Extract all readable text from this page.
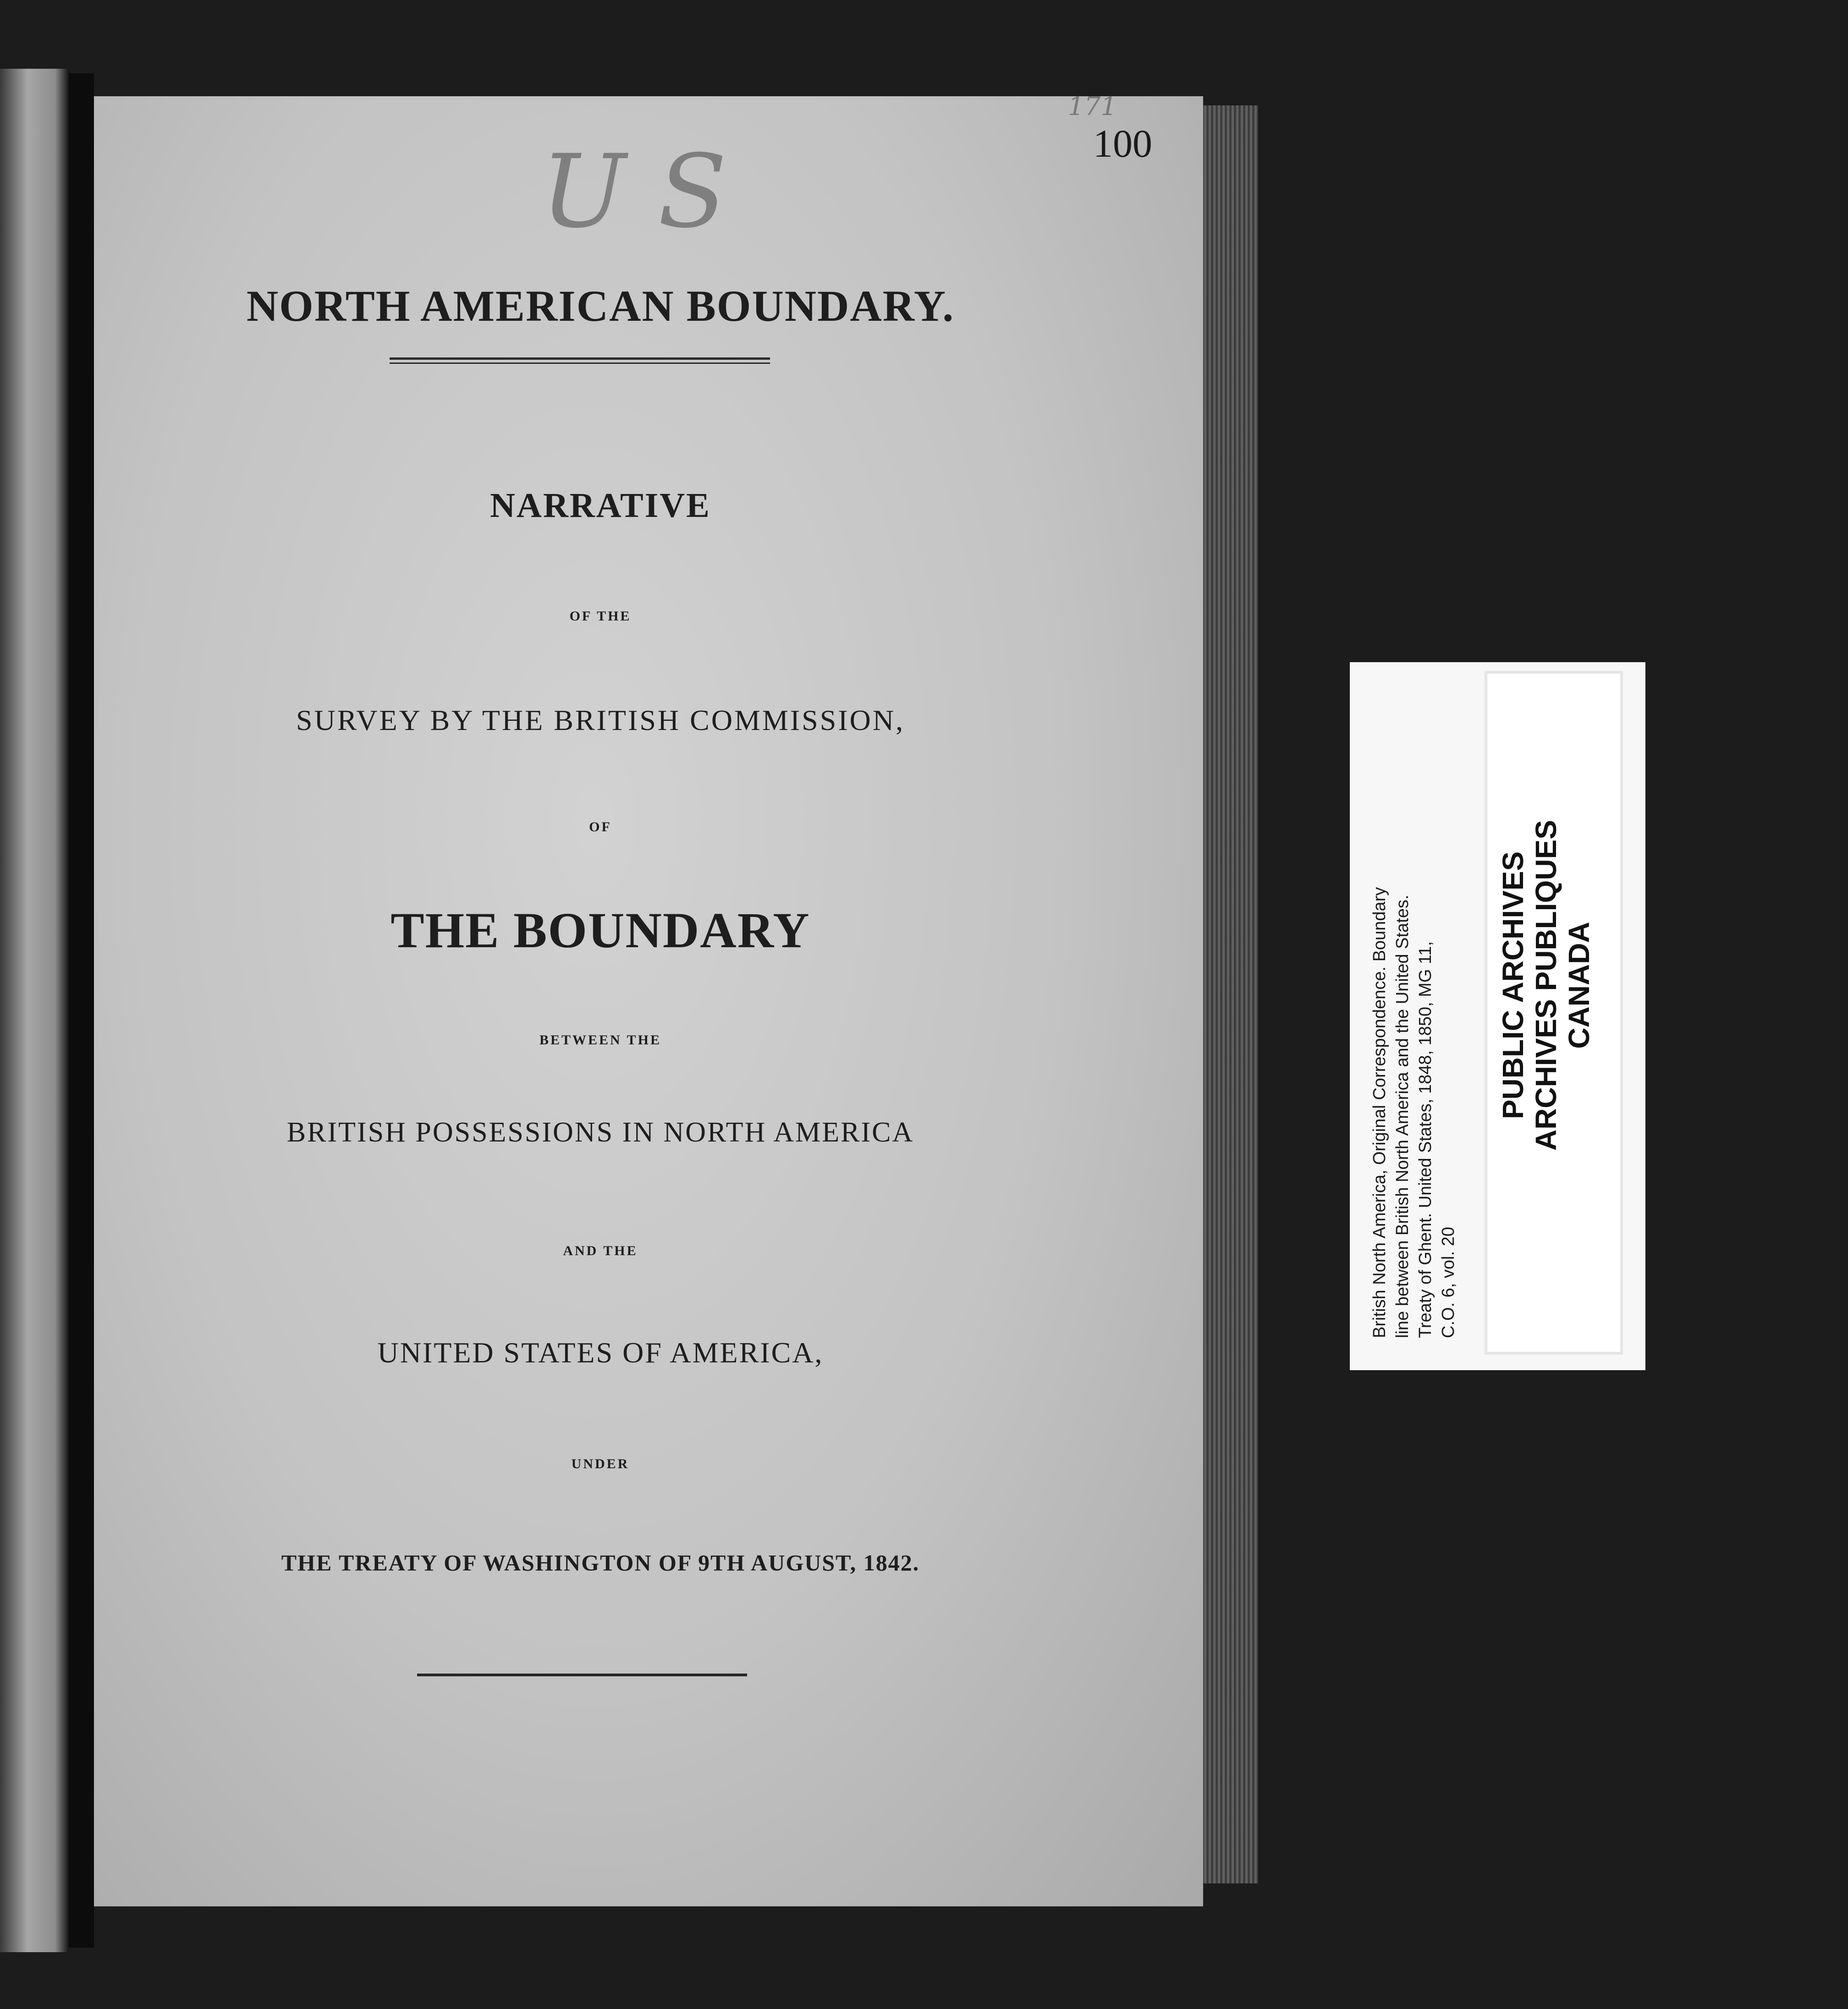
U S
171
100
NORTH AMERICAN BOUNDARY.
NARRATIVE
OF THE
SURVEY BY THE BRITISH COMMISSION,
OF
THE BOUNDARY
BETWEEN THE
BRITISH POSSESSIONS IN NORTH AMERICA
AND THE
UNITED STATES OF AMERICA,
UNDER
THE TREATY OF WASHINGTON OF 9TH AUGUST, 1842.
British North America, Original Correspondence. Boundary line between British North America and the United States. Treaty of Ghent. United States, 1848, 1850, MG 11, C.O. 6, vol. 20
PUBLIC ARCHIVES ARCHIVES PUBLIQUES CANADA
